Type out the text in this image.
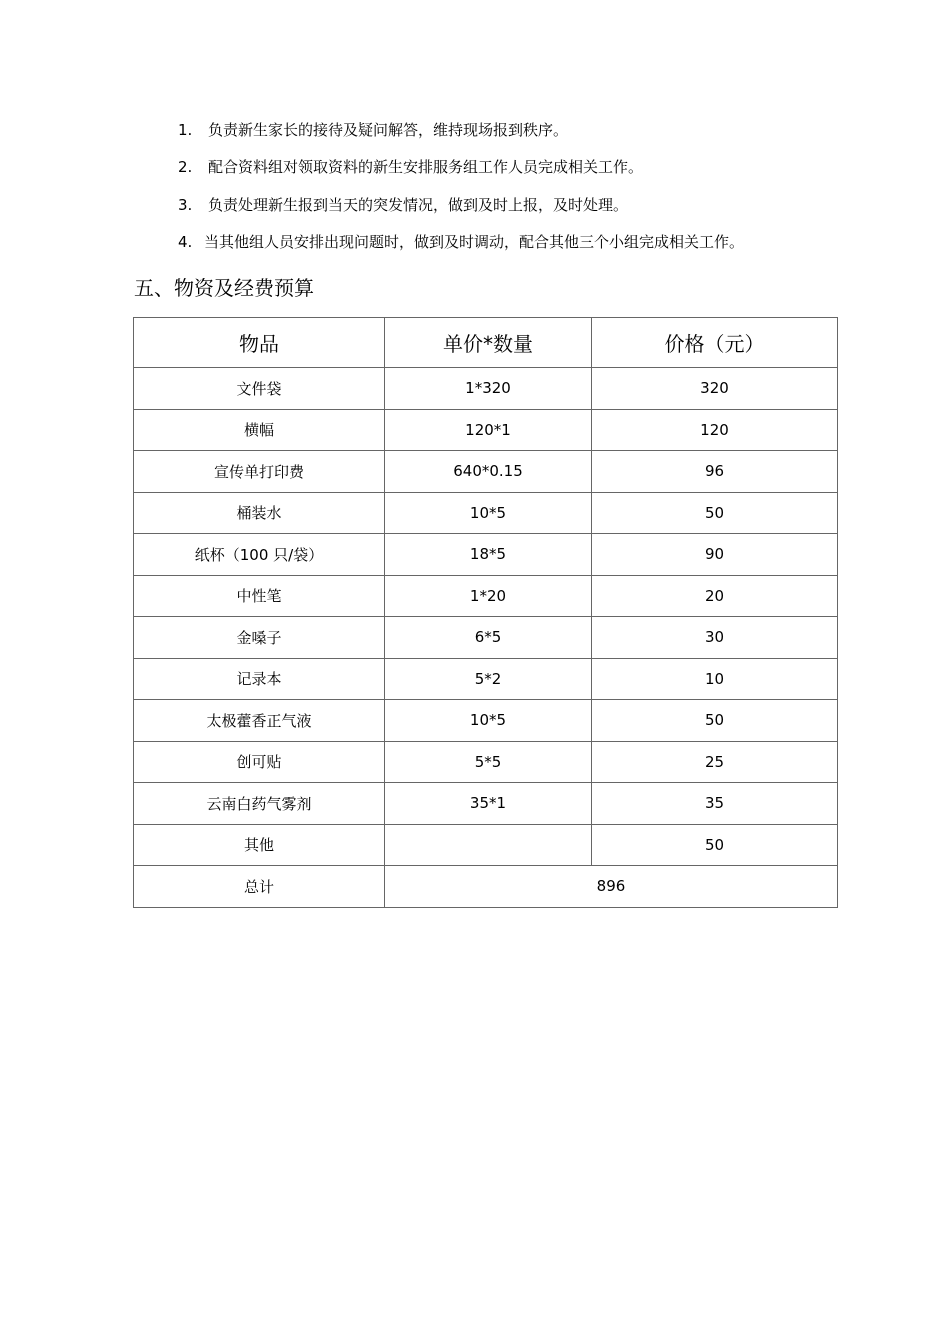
1. 负责新生家长的接待及疑问解答，维持现场报到秩序。
2. 配合资料组对领取资料的新生安排服务组工作人员完成相关工作。
3. 负责处理新生报到当天的突发情况，做到及时上报，及时处理。
4. 当其他组人员安排出现问题时，做到及时调动，配合其他三个小组完成相关工作。
五、物资及经费预算
物品	单价*数量	价格（元）
文件袋	1*320	320
横幅	120*1	120
宣传单打印费	640*0.15	96
桶装水	10*5	50
纸杯（100 只/袋）	18*5	90
中性笔	1*20	20
金嗓子	6*5	30
记录本	5*2	10
太极藿香正气液	10*5	50
创可贴	5*5	25
云南白药气雾剂	35*1	35
其他		50
总计	896	
